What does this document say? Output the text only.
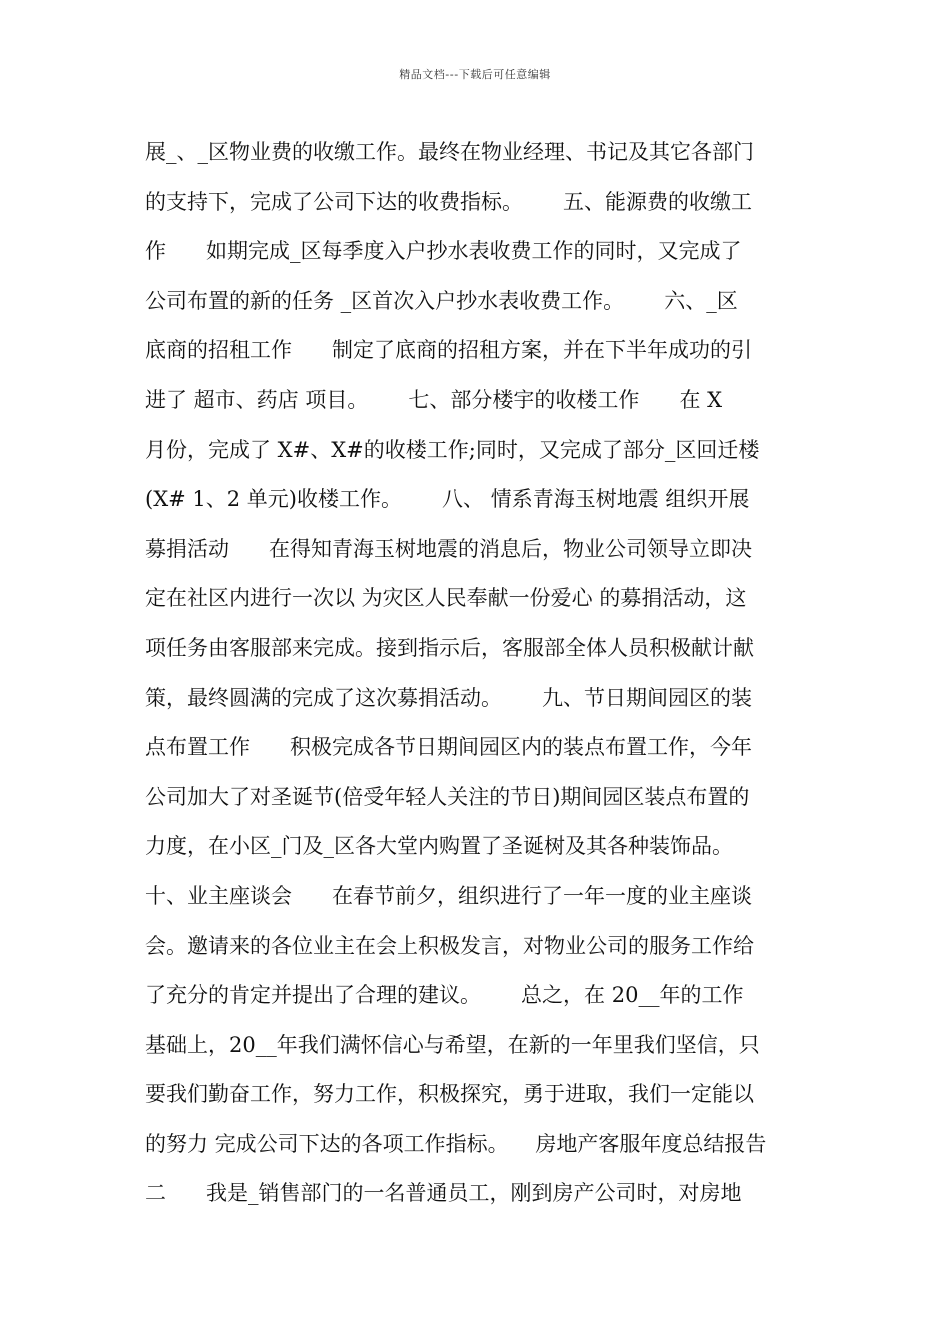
精品文档---下载后可任意编辑
展_、_区物业费的收缴工作。最终在物业经理、书记及其它各部门
的支持下，完成了公司下达的收费指标。      五、能源费的收缴工
作      如期完成_区每季度入户抄水表收费工作的同时，又完成了
公司布置的新的任务 _区首次入户抄水表收费工作。      六、_区
底商的招租工作      制定了底商的招租方案，并在下半年成功的引
进了 超市、药店 项目。      七、部分楼宇的收楼工作      在 X
月份，完成了 X#、X#的收楼工作;同时，又完成了部分_区回迁楼
(X# 1、2 单元)收楼工作。      八、 情系青海玉树地震 组织开展
募捐活动      在得知青海玉树地震的消息后，物业公司领导立即决
定在社区内进行一次以 为灾区人民奉献一份爱心 的募捐活动，这
项任务由客服部来完成。接到指示后，客服部全体人员积极献计献
策，最终圆满的完成了这次募捐活动。      九、节日期间园区的装
点布置工作      积极完成各节日期间园区内的装点布置工作，今年
公司加大了对圣诞节(倍受年轻人关注的节日)期间园区装点布置的
力度，在小区_门及_区各大堂内购置了圣诞树及其各种装饰品。
十、业主座谈会      在春节前夕，组织进行了一年一度的业主座谈
会。邀请来的各位业主在会上积极发言，对物业公司的服务工作给
了充分的肯定并提出了合理的建议。      总之，在 20__年的工作
基础上，20__年我们满怀信心与希望，在新的一年里我们坚信，只
要我们勤奋工作，努力工作，积极探究，勇于进取，我们一定能以
的努力 完成公司下达的各项工作指标。    房地产客服年度总结报告
二      我是_销售部门的一名普通员工，刚到房产公司时，对房地
